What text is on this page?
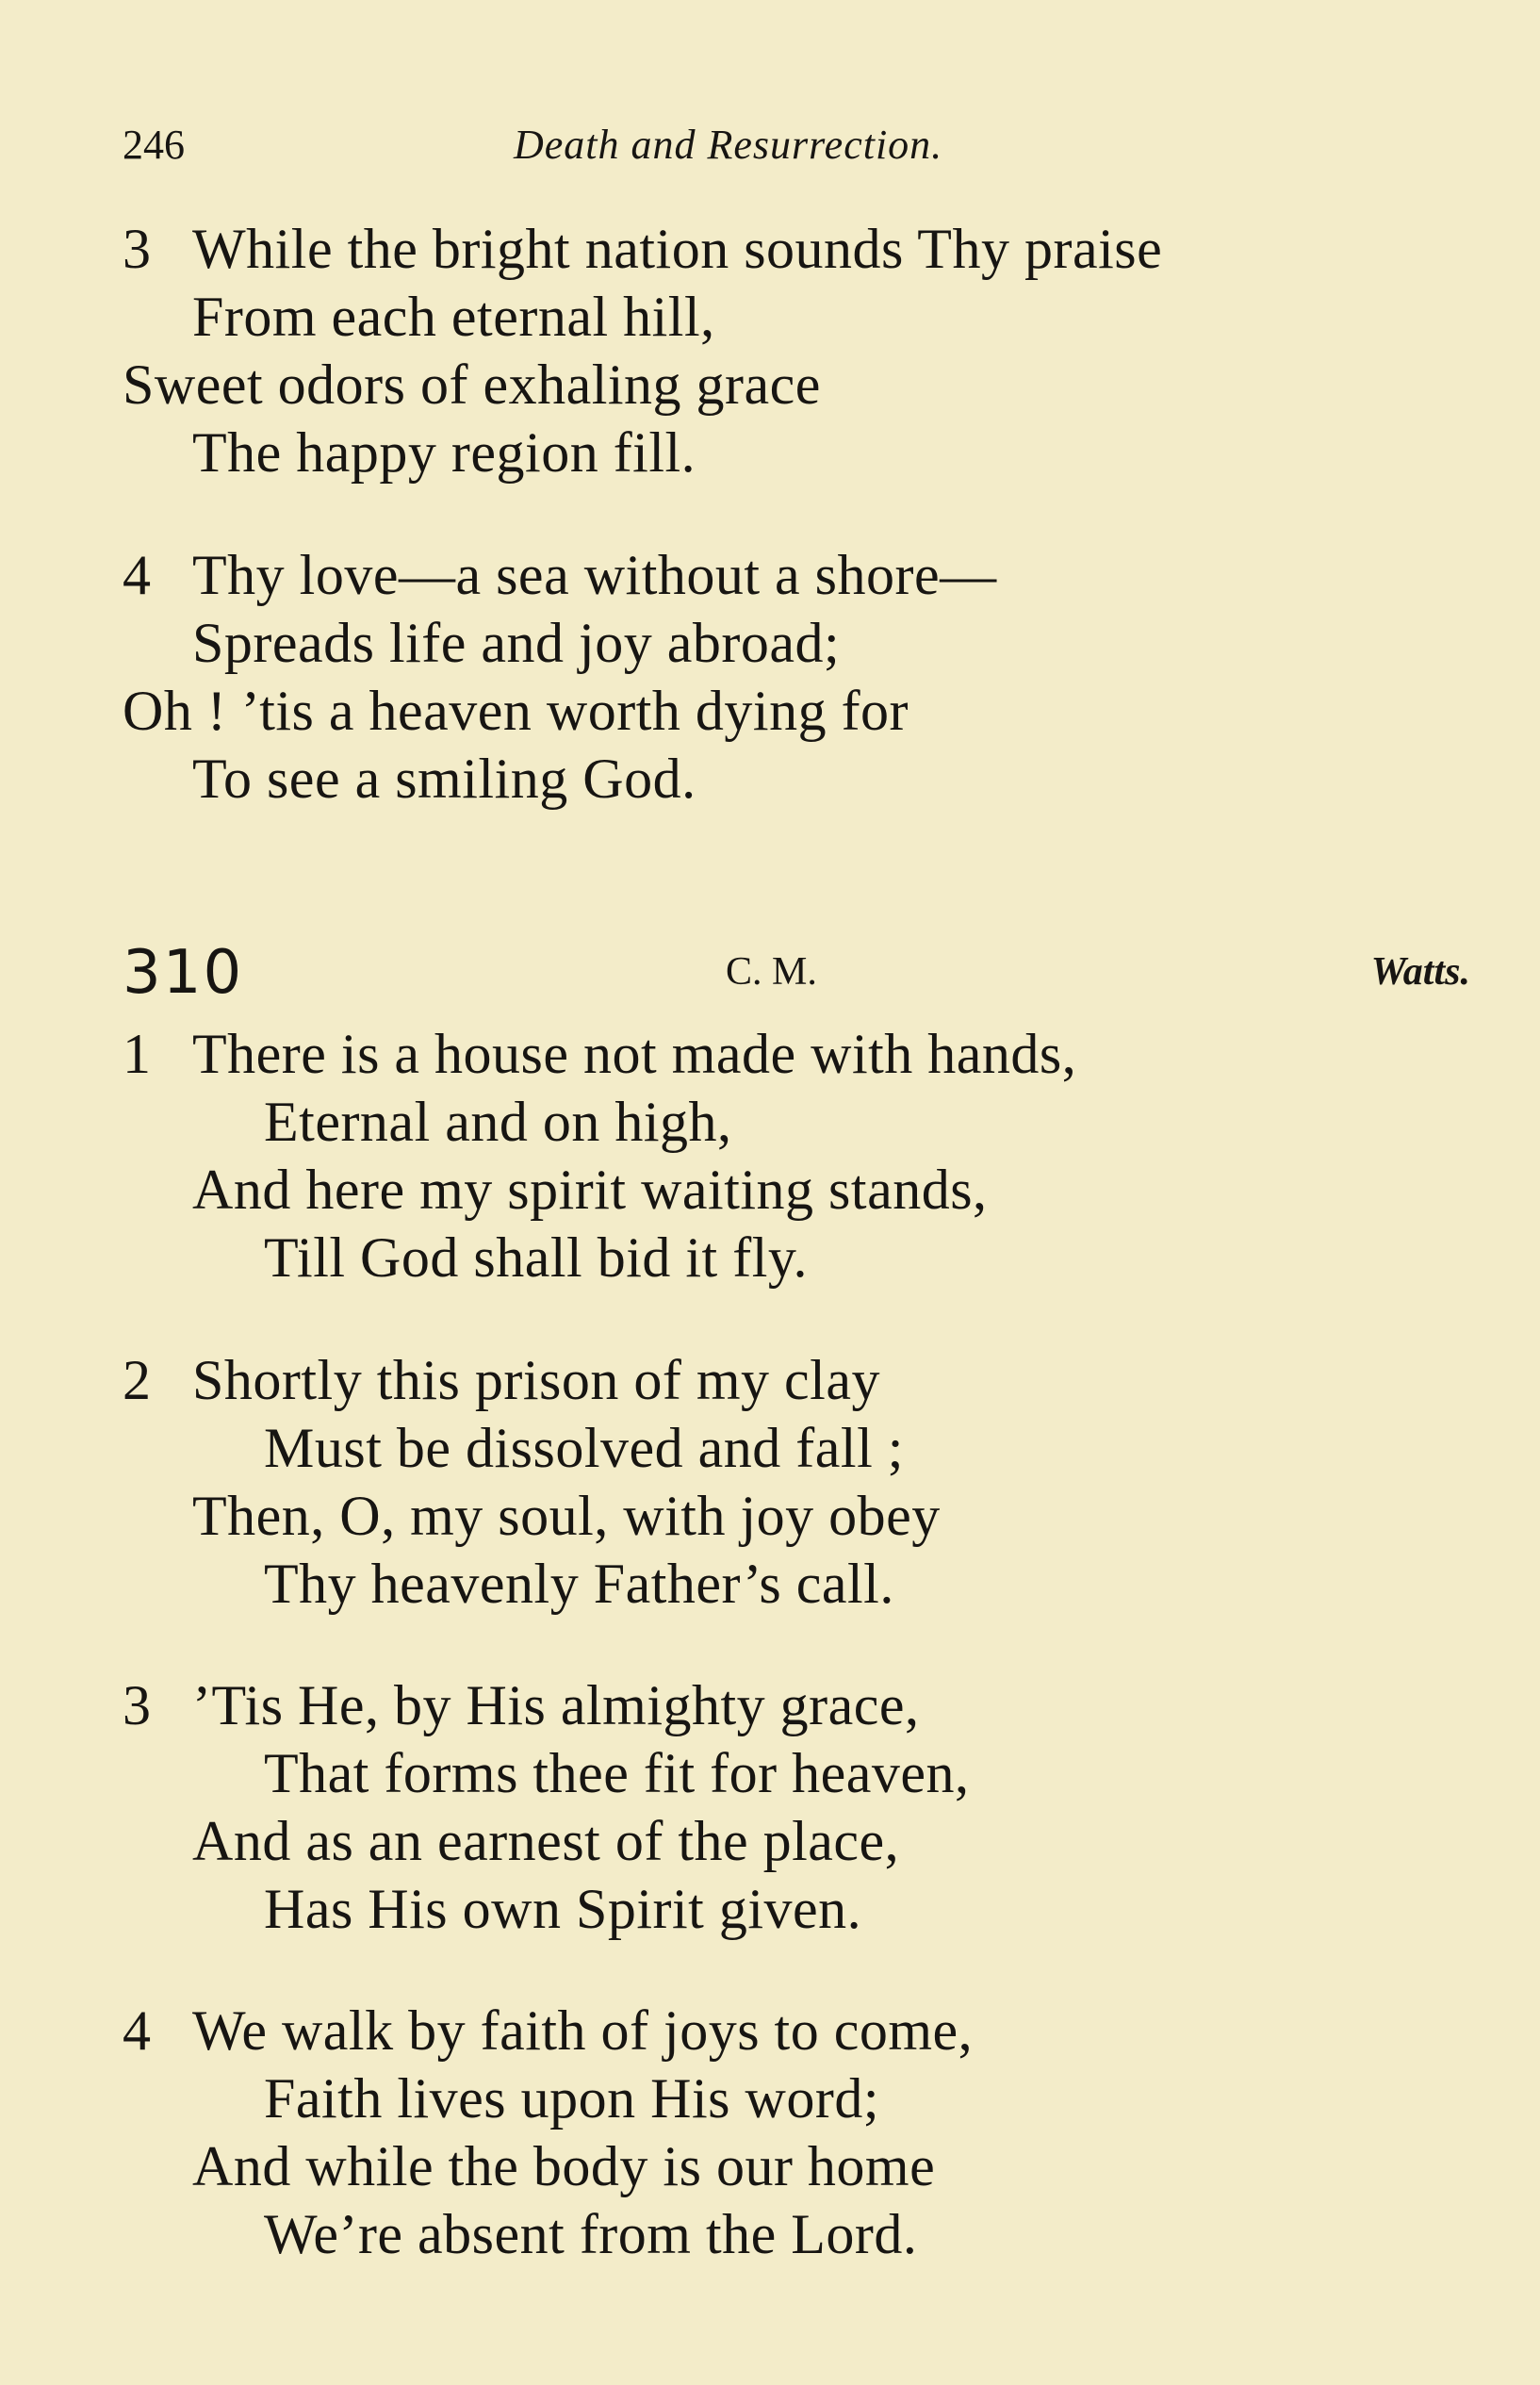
246	Death and Resurrection.
3 While the bright nation sounds Thy praise
From each eternal hill,
Sweet odors of exhaling grace
The happy region fill.
4 Thy love—a sea without a shore—
Spreads life and joy abroad;
Oh ! ’tis a heaven worth dying for
To see a smiling God.
310	C. M.	Watts.
1 There is a house not made with hands,
Eternal and on high,
And here my spirit waiting stands,
Till God shall bid it fly.
2 Shortly this prison of my clay
Must be dissolved and fall ;
Then, O, my soul, with joy obey
Thy heavenly Father’s call.
3 ’Tis He, by His almighty grace,
That forms thee fit for heaven,
And as an earnest of the place,
Has His own Spirit given.
4 We walk by faith of joys to come,
Faith lives upon His word;
And while the body is our home
We’re absent from the Lord.
